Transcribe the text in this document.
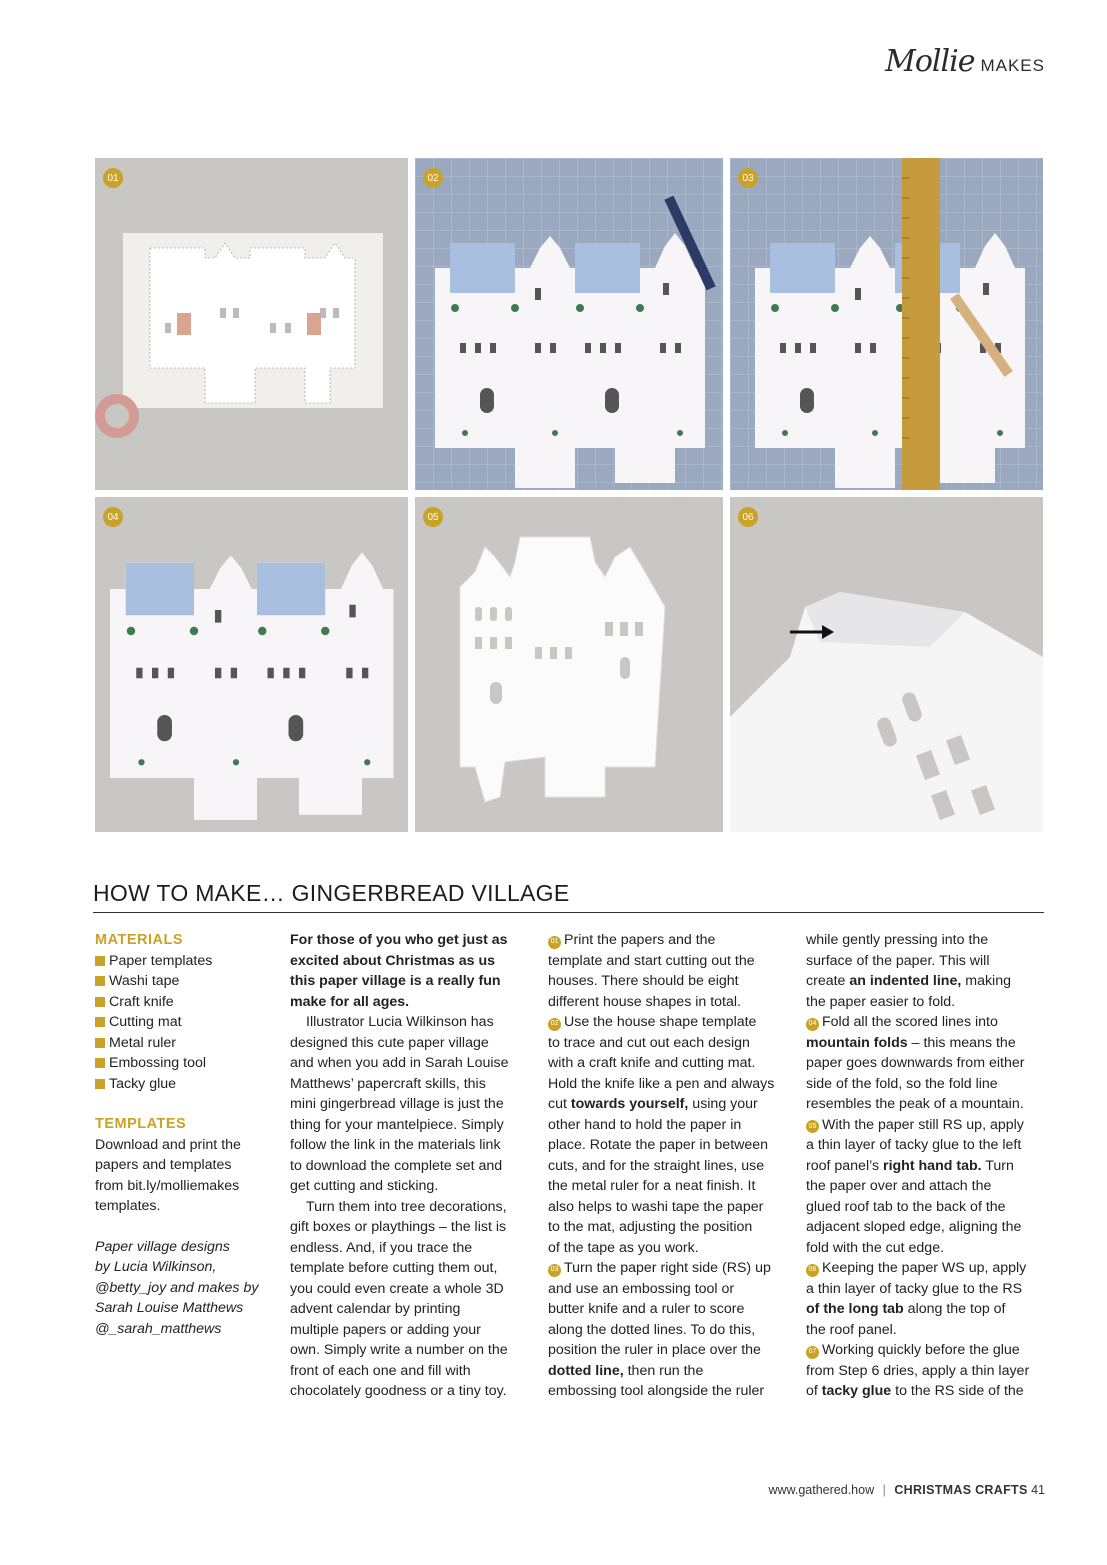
Mollie MAKES
01	02	03
04	05	06
HOW TO MAKE… GINGERBREAD VILLAGE

MATERIALS

Paper templates
Washi tape
Craft knife
Cutting mat
Metal ruler
Embossing tool
Tacky glue

TEMPLATES

Download and print the

papers and templates

from bit.ly/molliemakes

templates.

Paper village designs

by Lucia Wilkinson,

@betty_joy and makes by

Sarah Louise Matthews

@_sarah_matthews

For those of you who get just as

excited about Christmas as us

this paper village is a really fun

make for all ages.

Illustrator Lucia Wilkinson has

designed this cute paper village

and when you add in Sarah Louise

Matthews’ papercraft skills, this

mini gingerbread village is just the

thing for your mantelpiece. Simply

follow the link in the materials link

to download the complete set and

get cutting and sticking.

Turn them into tree decorations,

gift boxes or playthings – the list is

endless. And, if you trace the

template before cutting them out,

you could even create a whole 3D

advent calendar by printing

multiple papers or adding your

own. Simply write a number on the

front of each one and fill with

chocolately goodness or a tiny toy.

01 Print the papers and the

template and start cutting out the

houses. There should be eight

different house shapes in total.

02 Use the house shape template

to trace and cut out each design

with a craft knife and cutting mat.

Hold the knife like a pen and always

cut towards yourself, using your

other hand to hold the paper in

place. Rotate the paper in between

cuts, and for the straight lines, use

the metal ruler for a neat finish. It

also helps to washi tape the paper

to the mat, adjusting the position

of the tape as you work.

03 Turn the paper right side (RS) up

and use an embossing tool or

butter knife and a ruler to score

along the dotted lines. To do this,

position the ruler in place over the

dotted line, then run the

embossing tool alongside the ruler

while gently pressing into the

surface of the paper. This will

create an indented line, making

the paper easier to fold.

04 Fold all the scored lines into

mountain folds – this means the

paper goes downwards from either

side of the fold, so the fold line

resembles the peak of a mountain.

05 With the paper still RS up, apply

a thin layer of tacky glue to the left

roof panel’s right hand tab. Turn

the paper over and attach the

glued roof tab to the back of the

adjacent sloped edge, aligning the

fold with the cut edge.

06 Keeping the paper WS up, apply

a thin layer of tacky glue to the RS

of the long tab along the top of

the roof panel.

07 Working quickly before the glue

from Step 6 dries, apply a thin layer

of tacky glue to the RS side of the

www.gathered.how | CHRISTMAS CRAFTS 41
